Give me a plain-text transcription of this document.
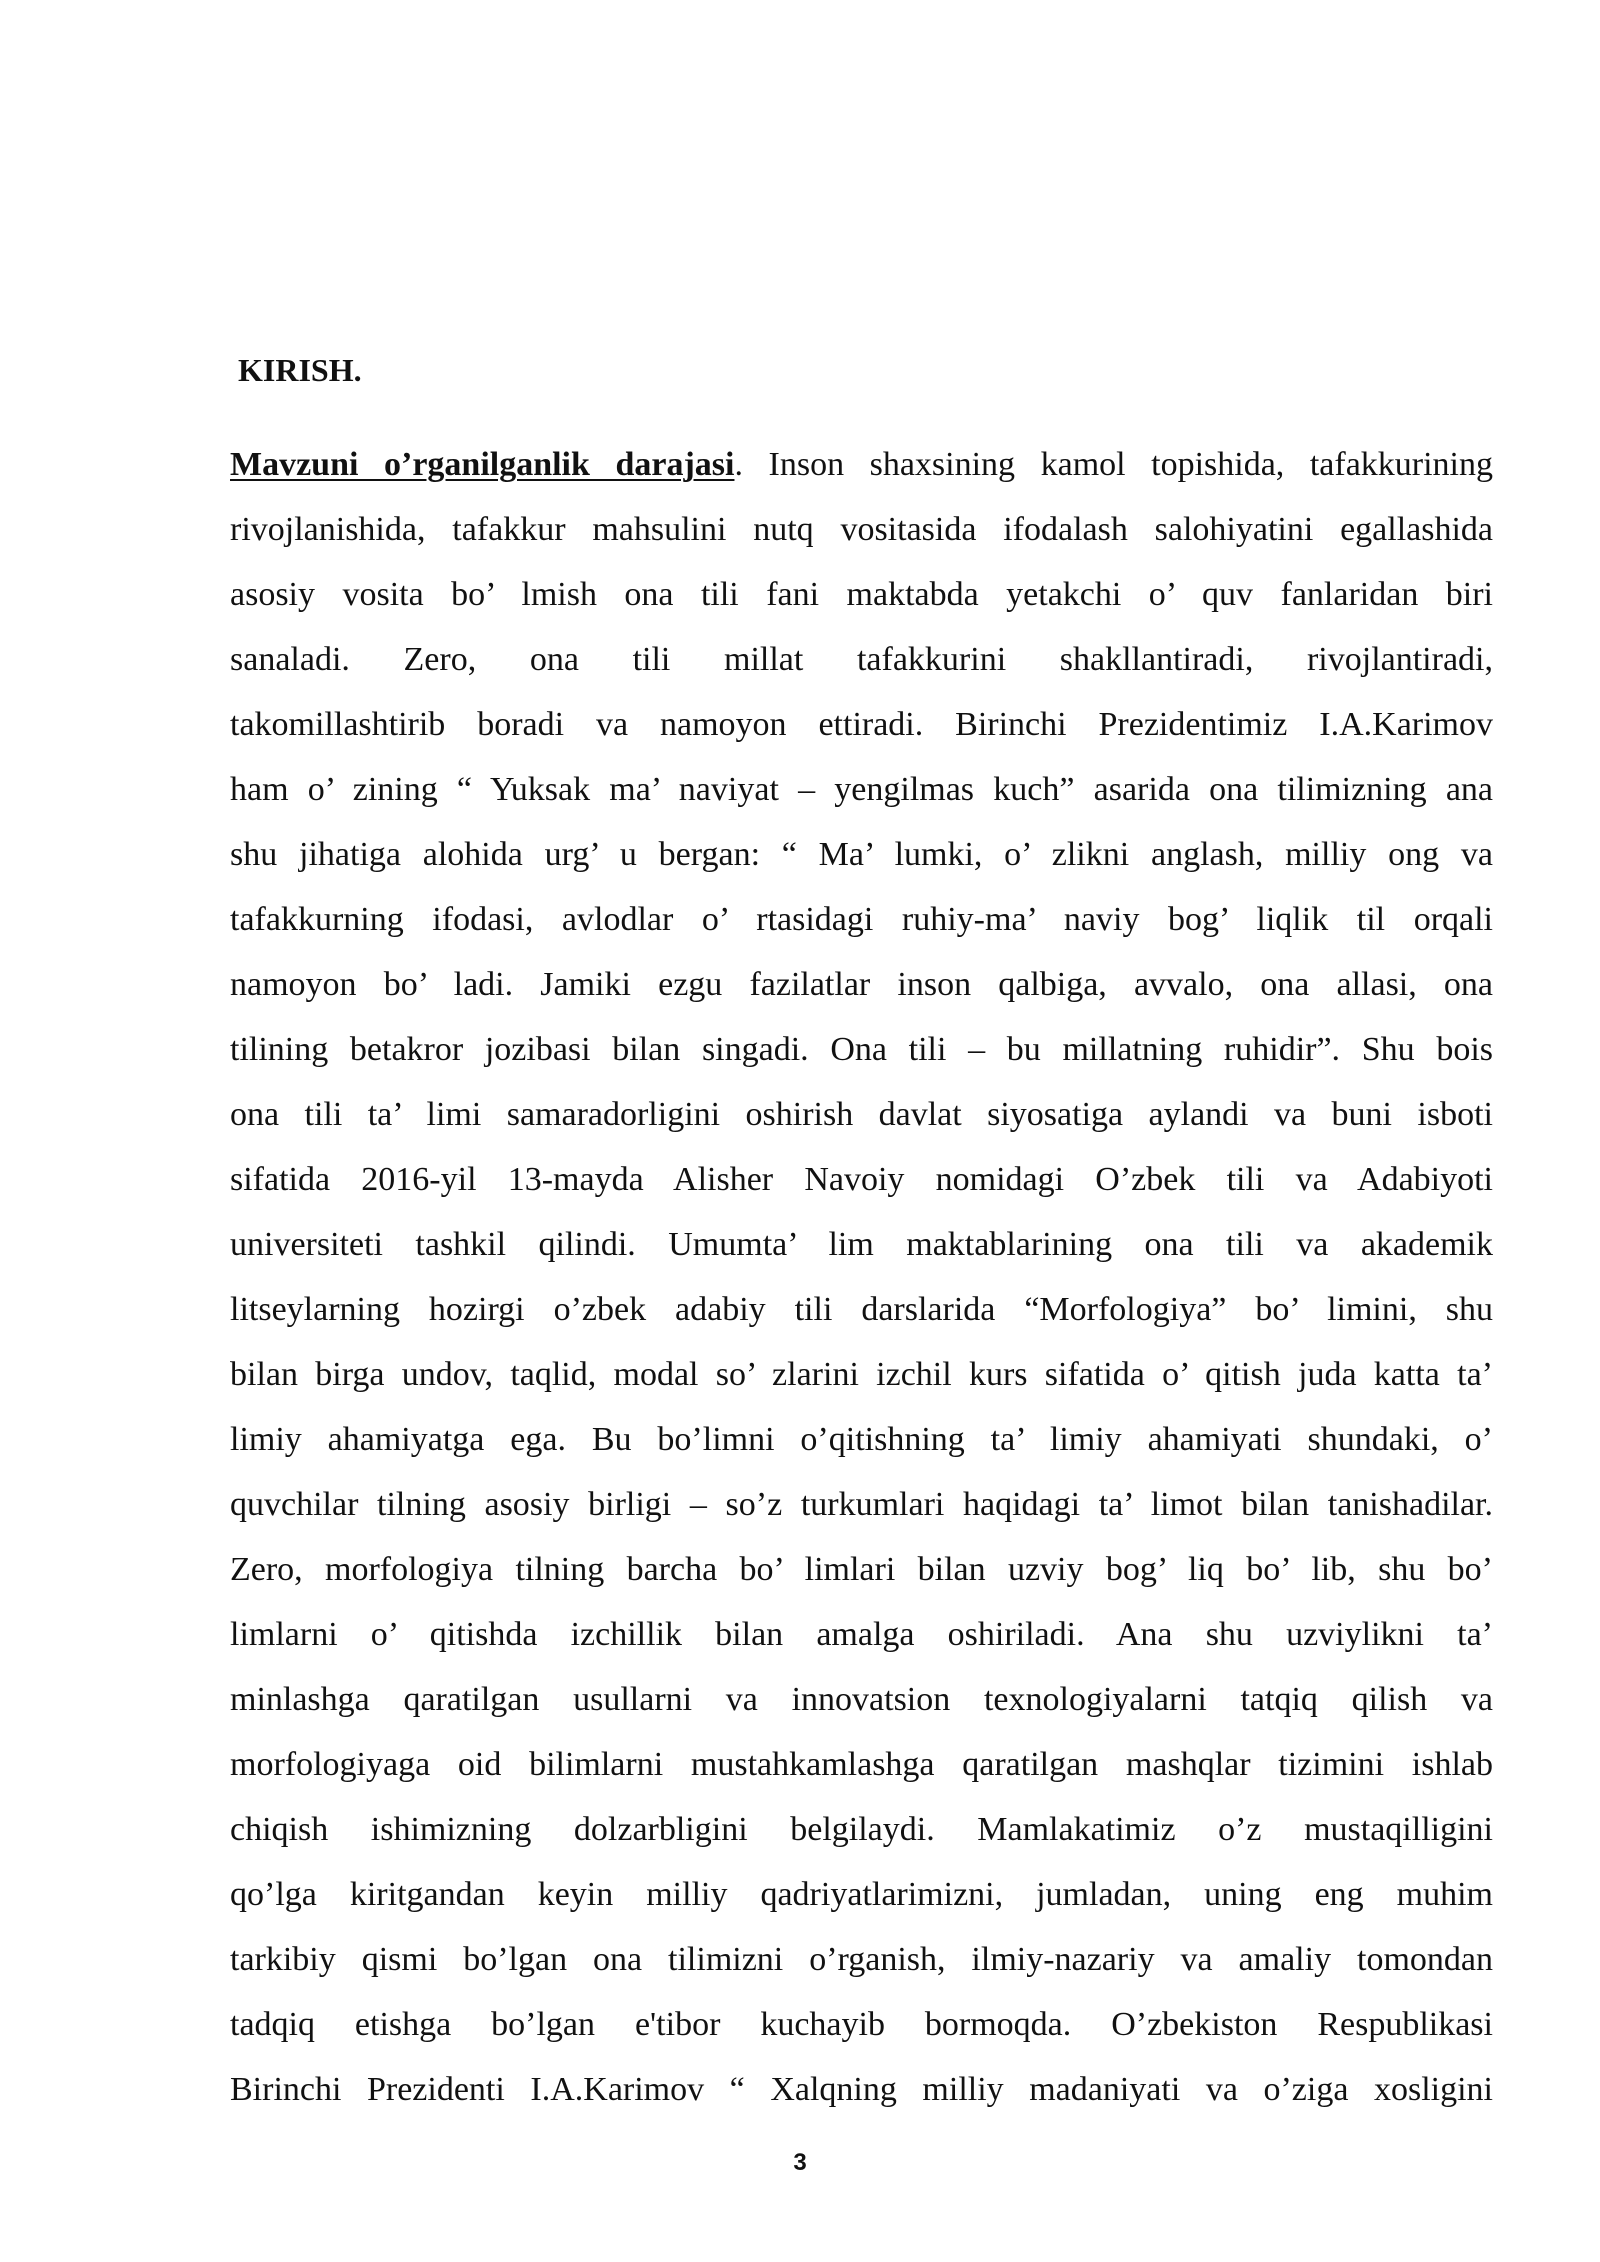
KIRISH.
Mavzuni o’rganilganlik darajasi. Inson shaxsining kamol topishida, tafakkurining
rivojlanishida, tafakkur mahsulini nutq vositasida ifodalash salohiyatini egallashida
asosiy vosita bo’ lmish ona tili fani maktabda yetakchi o’ quv fanlaridan biri
sanaladi. Zero, ona tili millat tafakkurini shakllantiradi, rivojlantiradi,
takomillashtirib boradi va namoyon ettiradi. Birinchi Prezidentimiz I.A.Karimov
ham o’ zining “ Yuksak ma’ naviyat – yengilmas kuch” asarida ona tilimizning ana
shu jihatiga alohida urg’ u bergan: “ Ma’ lumki, o’ zlikni anglash, milliy ong va
tafakkurning ifodasi, avlodlar o’ rtasidagi ruhiy-ma’ naviy bog’ liqlik til orqali
namoyon bo’ ladi. Jamiki ezgu fazilatlar inson qalbiga, avvalo, ona allasi, ona
tilining betakror jozibasi bilan singadi. Ona tili – bu millatning ruhidir”. Shu bois
ona tili ta’ limi samaradorligini oshirish davlat siyosatiga aylandi va buni isboti
sifatida 2016-yil 13-mayda Alisher Navoiy nomidagi O’zbek tili va Adabiyoti
universiteti tashkil qilindi. Umumta’ lim maktablarining ona tili va akademik
litseylarning hozirgi o’zbek adabiy tili darslarida “Morfologiya” bo’ limini, shu
bilan birga undov, taqlid, modal so’ zlarini izchil kurs sifatida o’ qitish juda katta ta’
limiy ahamiyatga ega. Bu bo’limni o’qitishning ta’ limiy ahamiyati shundaki, o’
quvchilar tilning asosiy birligi – so’z turkumlari haqidagi ta’ limot bilan tanishadilar.
Zero, morfologiya tilning barcha bo’ limlari bilan uzviy bog’ liq bo’ lib, shu bo’
limlarni o’ qitishda izchillik bilan amalga oshiriladi. Ana shu uzviylikni ta’
minlashga qaratilgan usullarni va innovatsion texnologiyalarni tatqiq qilish va
morfologiyaga oid bilimlarni mustahkamlashga qaratilgan mashqlar tizimini ishlab
chiqish ishimizning dolzarbligini belgilaydi. Mamlakatimiz o’z mustaqilligini
qo’lga kiritgandan keyin milliy qadriyatlarimizni, jumladan, uning eng muhim
tarkibiy qismi bo’lgan ona tilimizni o’rganish, ilmiy-nazariy va amaliy tomondan
tadqiq etishga bo’lgan e'tibor kuchayib bormoqda. O’zbekiston Respublikasi
Birinchi Prezidenti I.A.Karimov “ Xalqning milliy madaniyati va o’ziga xosligini

3
